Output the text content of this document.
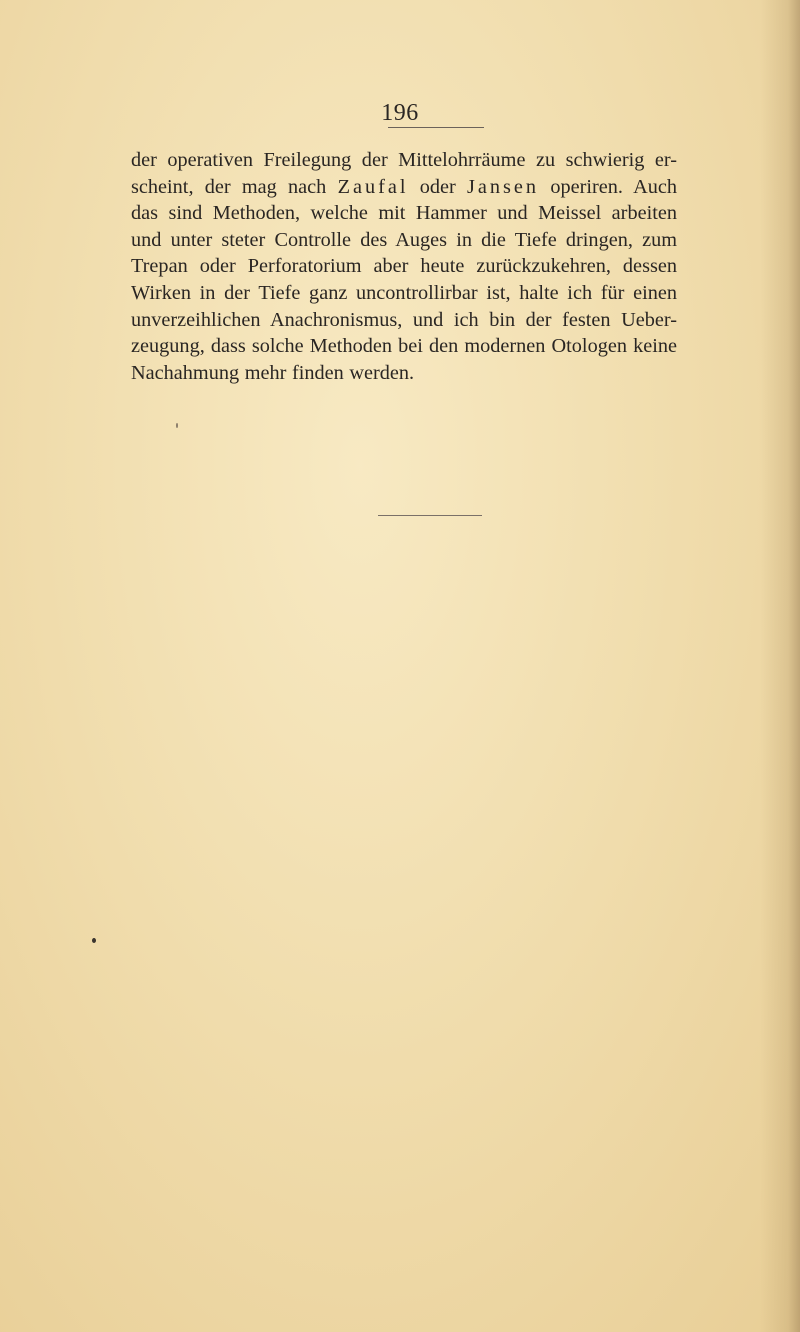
196

der operativen Freilegung der Mittelohrräume zu schwierig er-
scheint, der mag nach Zaufal oder Jansen operiren. Auch
das sind Methoden, welche mit Hammer und Meissel arbeiten
und unter steter Controlle des Auges in die Tiefe dringen, zum
Trepan oder Perforatorium aber heute zurückzukehren, dessen
Wirken in der Tiefe ganz uncontrollirbar ist, halte ich für einen
unverzeihlichen Anachronismus, und ich bin der festen Ueber-
zeugung, dass solche Methoden bei den modernen Otologen keine
Nachahmung mehr finden werden.
